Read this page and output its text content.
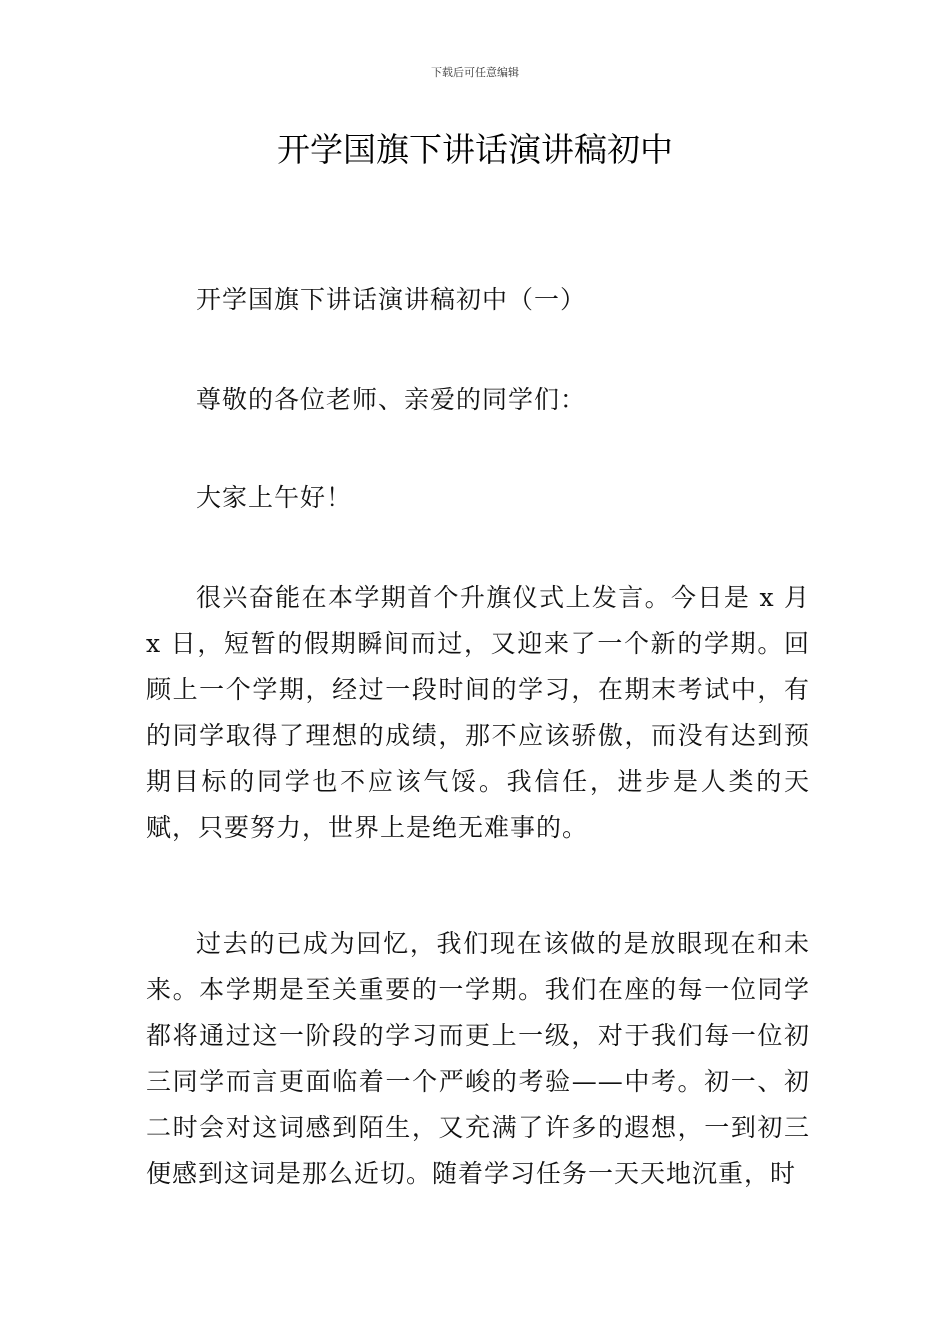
下载后可任意编辑
开学国旗下讲话演讲稿初中

开学国旗下讲话演讲稿初中（一）

尊敬的各位老师、亲爱的同学们：

大家上午好！

很兴奋能在本学期首个升旗仪式上发言。今日是 x 月 x 日，短暂的假期瞬间而过，又迎来了一个新的学期。回顾上一个学期，经过一段时间的学习，在期末考试中，有的同学取得了理想的成绩，那不应该骄傲，而没有达到预期目标的同学也不应该气馁。我信任，进步是人类的天赋，只要努力，世界上是绝无难事的。

过去的已成为回忆，我们现在该做的是放眼现在和未来。本学期是至关重要的一学期。我们在座的每一位同学都将通过这一阶段的学习而更上一级，对于我们每一位初三同学而言更面临着一个严峻的考验——中考。初一、初二时会对这词感到陌生，又充满了许多的遐想，一到初三便感到这词是那么近切。随着学习任务一天天地沉重，时
